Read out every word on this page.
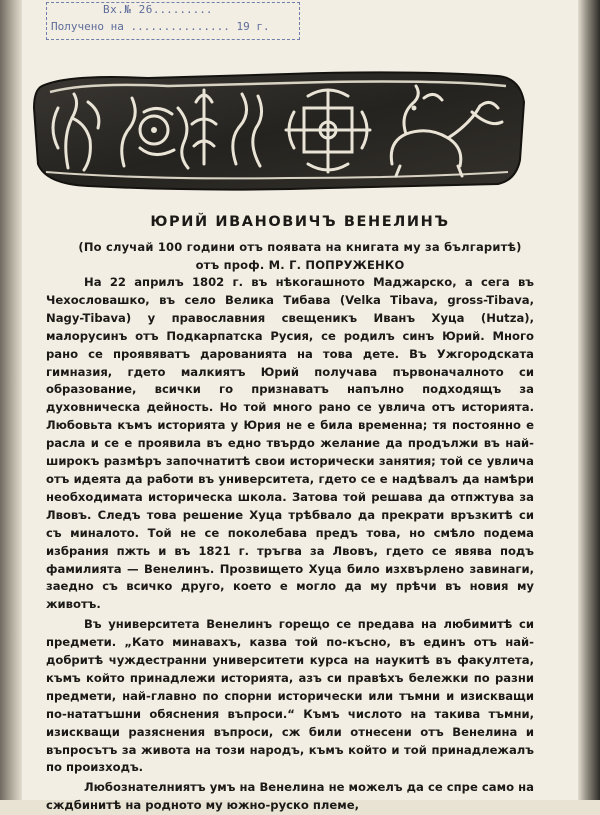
Вх.№ 26.........
Получено на ............... 19 г.
ЮРИЙ ИВАНОВИЧЪ ВЕНЕЛИНЪ
(По случай 100 години отъ появата на книгата му за българитѣ)
отъ проф. М. Г. ПОПРУЖЕНКО

На 22 априлъ 1802 г. въ нѣкогашното Маджарско, а сега въ Чехословашко, въ село Велика Тибава (Velka Tibava, gross-Tibava, Nagy-Tibava) у православния свещеникъ Иванъ Хуца (Hutza), малорусинъ отъ Подкарпатска Русия, се родилъ синъ Юрий. Много рано се проявяватъ дарованията на това дете. Въ Ужгородската гимназия, гдето малкиятъ Юрий получава първоначалното си образование, всички го признаватъ напълно подходящъ за духовническа дейность. Но той много рано се увлича отъ историята. Любовьта къмъ историята у Юрия не е била временна; тя постоянно е расла и се е проявила въ едно твърдо желание да продължи въ най-широкъ размѣръ започнатитѣ свои исторически занятия; той се увлича отъ идеята да работи въ университета, гдето се е надѣвалъ да намѣри необходимата историческа школа. Затова той решава да отпжтува за Лвовъ. Следъ това решение Хуца трѣбвало да прекрати връзкитѣ си съ миналото. Той не се поколебава предъ това, но смѣло подема избрания пжть и въ 1821 г. тръгва за Лвовъ, гдето се явява подъ фамилията — Венелинъ. Прозвището Хуца било изхвърлено завинаги, заедно съ всичко друго, което е могло да му прѣчи въ новия му животъ.

Въ университета Венелинъ горещо се предава на любимитѣ си предмети. „Като минавахъ, казва той по-късно, въ единъ отъ най-добритѣ чуждестранни университети курса на наукитѣ въ факултета, къмъ който принадлежи историята, азъ си правѣхъ бележки по разни предмети, най-главно по спорни исторически или тъмни и изисквaщи по-нататъшни обяснения въпроси.“ Къмъ числото на такива тъмни, изискващи разяснения въпроси, сж били отнесени отъ Венелина и въпросътъ за живота на този народъ, къмъ който и той принадлежалъ по произходъ.

Любознателниятъ умъ на Венелина не можелъ да се спре само на сждбинитѣ на родното му южно-руско племе,
